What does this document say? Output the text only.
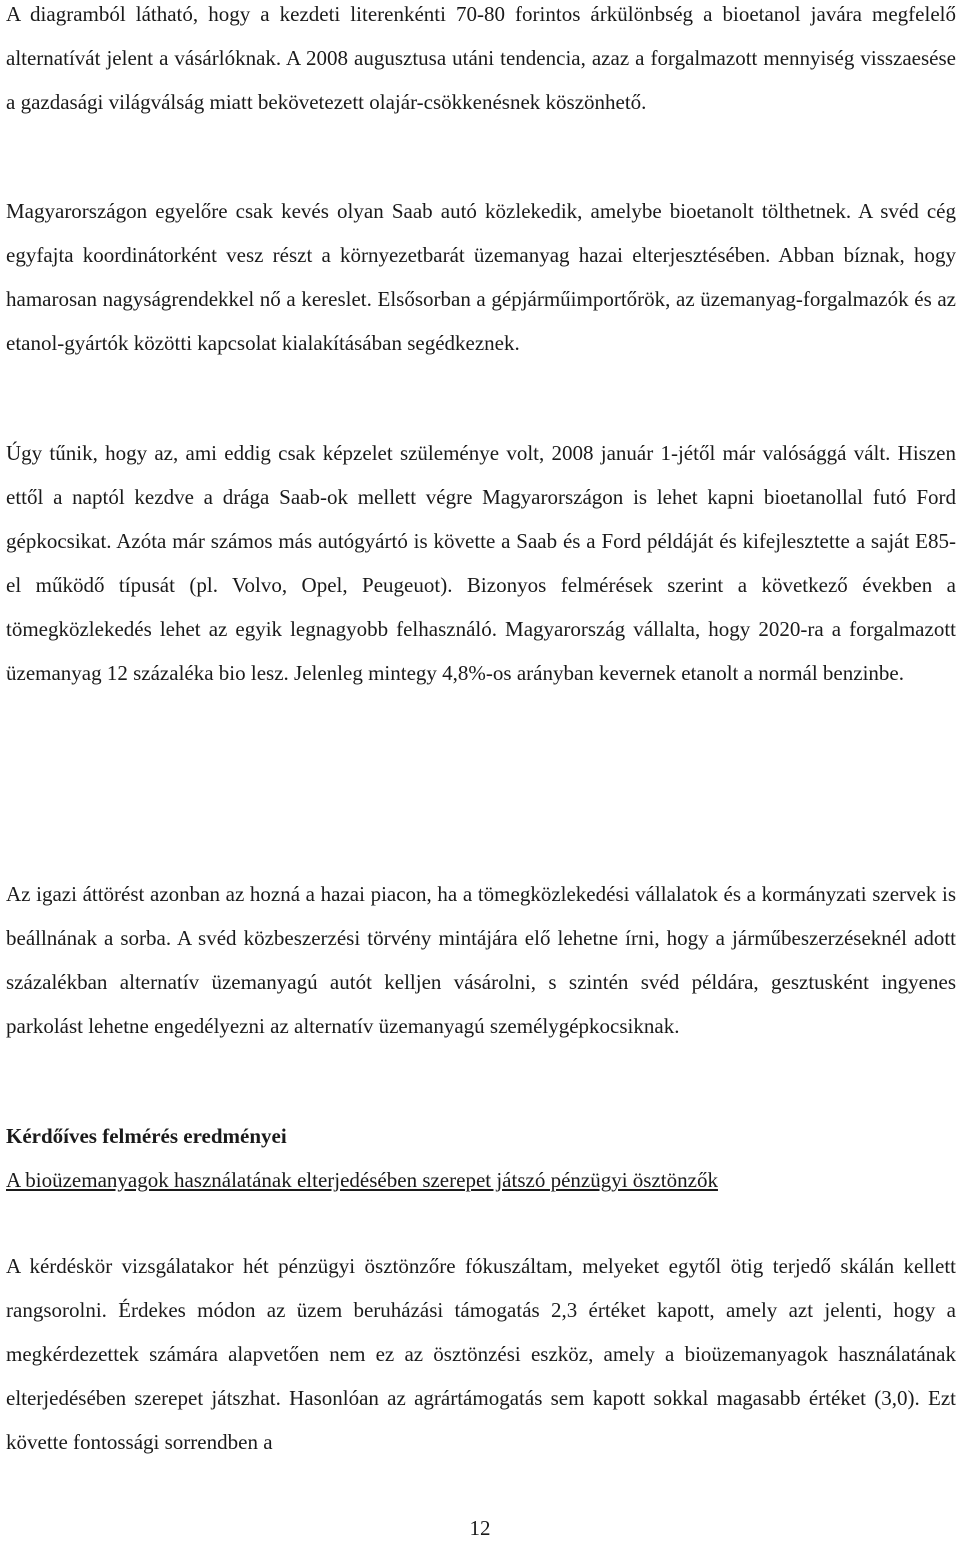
A diagramból látható, hogy a kezdeti literenkénti 70-80 forintos árkülönbség a bioetanol javára megfelelő alternatívát jelent a vásárlóknak. A 2008 augusztusa utáni tendencia, azaz a forgalmazott mennyiség visszaesése a gazdasági világválság miatt bekövetezett olajár-csökkenésnek köszönhető.

Magyarországon egyelőre csak kevés olyan Saab autó közlekedik, amelybe bioetanolt tölthetnek. A svéd cég egyfajta koordinátorként vesz részt a környezetbarát üzemanyag hazai elterjesztésében. Abban bíznak, hogy hamarosan nagyságrendekkel nő a kereslet. Elsősorban a gépjárműimportőrök, az üzemanyag-forgalmazók és az etanol-gyártók közötti kapcsolat kialakításában segédkeznek.

Úgy tűnik, hogy az, ami eddig csak képzelet szüleménye volt, 2008 január 1-jétől már valósággá vált. Hiszen ettől a naptól kezdve a drága Saab-ok mellett végre Magyarországon is lehet kapni bioetanollal futó Ford gépkocsikat. Azóta már számos más autógyártó is követte a Saab és a Ford példáját és kifejlesztette a saját E85-el működő típusát (pl. Volvo, Opel, Peugeuot). Bizonyos felmérések szerint a következő években a tömegközlekedés lehet az egyik legnagyobb felhasználó. Magyarország vállalta, hogy 2020-ra a forgalmazott üzemanyag 12 százaléka bio lesz. Jelenleg mintegy 4,8%-os arányban kevernek etanolt a normál benzinbe.

Az igazi áttörést azonban az hozná a hazai piacon, ha a tömegközlekedési vállalatok és a kormányzati szervek is beállnának a sorba. A svéd közbeszerzési törvény mintájára elő lehetne írni, hogy a járműbeszerzéseknél adott százalékban alternatív üzemanyagú autót kelljen vásárolni, s szintén svéd példára, gesztusként ingyenes parkolást lehetne engedélyezni az alternatív üzemanyagú személygépkocsiknak.

Kérdőíves felmérés eredményei
A bioüzemanyagok használatának elterjedésében szerepet játszó pénzügyi ösztönzők

A kérdéskör vizsgálatakor hét pénzügyi ösztönzőre fókuszáltam, melyeket egytől ötig terjedő skálán kellett rangsorolni. Érdekes módon az üzem beruházási támogatás 2,3 értéket kapott, amely azt jelenti, hogy a megkérdezettek számára alapvetően nem ez az ösztönzési eszköz, amely a bioüzemanyagok használatának elterjedésében szerepet játszhat. Hasonlóan az agrártámogatás sem kapott sokkal magasabb értéket (3,0). Ezt követte fontossági sorrendben a

12
